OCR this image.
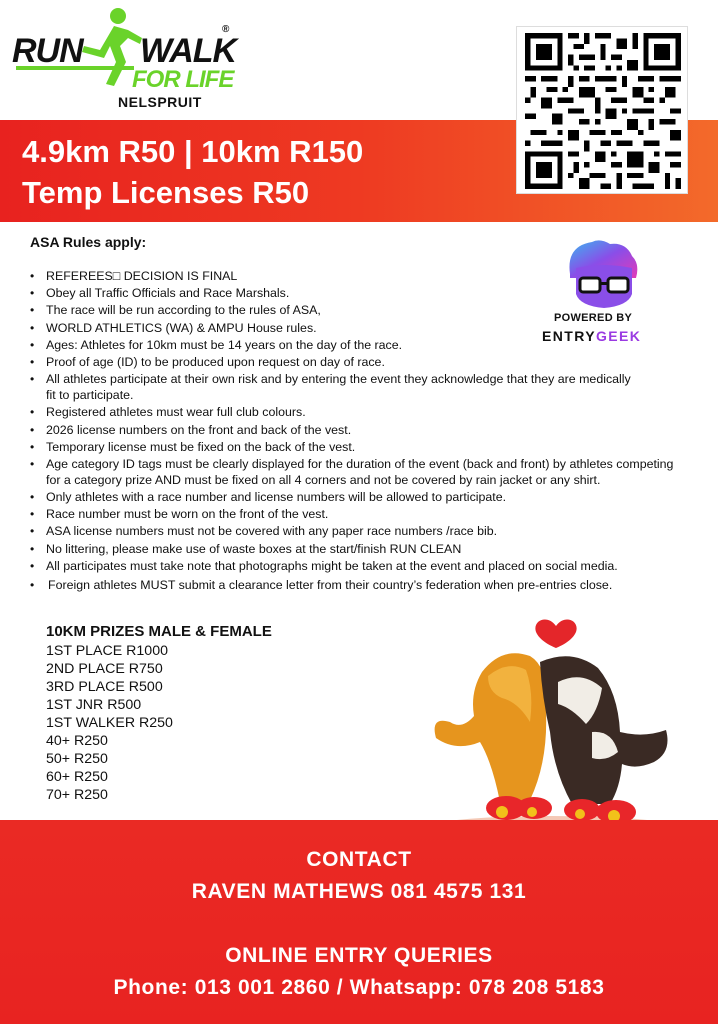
RUN WALK
®
FOR LIFE
NELSPRUIT
4.9km R50 | 10km R150
Temp Licenses R50
ASA Rules apply:
• REFEREES□ DECISION IS FINAL
• Obey all Traffic Officials and Race Marshals.
• The race will be run according to the rules of ASA,
• WORLD ATHLETICS (WA) & AMPU House rules.
• Ages: Athletes for 10km must be 14 years on the day of the race.
• Proof of age (ID) to be produced upon request on day of race.
• All athletes participate at their own risk and by entering the event they acknowledge that they are medically fit to participate.
• Registered athletes must wear full club colours.
• 2026 license numbers on the front and back of the vest.
• Temporary license must be fixed on the back of the vest.
• Age category ID tags must be clearly displayed for the duration of the event (back and front) by athletes competing for a category prize AND must be fixed on all 4 corners and not be covered by rain jacket or any shirt.
• Only athletes with a race number and license numbers will be allowed to participate.
• Race number must be worn on the front of the vest.
• ASA license numbers must not be covered with any paper race numbers /race bib.
• No littering, please make use of waste boxes at the start/finish RUN CLEAN
• All participates must take note that photographs might be taken at the event and placed on social media.
• Foreign athletes MUST submit a clearance letter from their country’s federation when pre-entries close.
POWERED BY
ENTRYGEEK
10KM PRIZES MALE & FEMALE
1ST PLACE R1000
2ND PLACE R750
3RD PLACE R500
1ST JNR R500
1ST WALKER R250
40+ R250
50+ R250
60+ R250
70+ R250
CONTACT
RAVEN MATHEWS 081 4575 131
ONLINE ENTRY QUERIES
Phone: 013 001 2860 / Whatsapp: 078 208 5183
